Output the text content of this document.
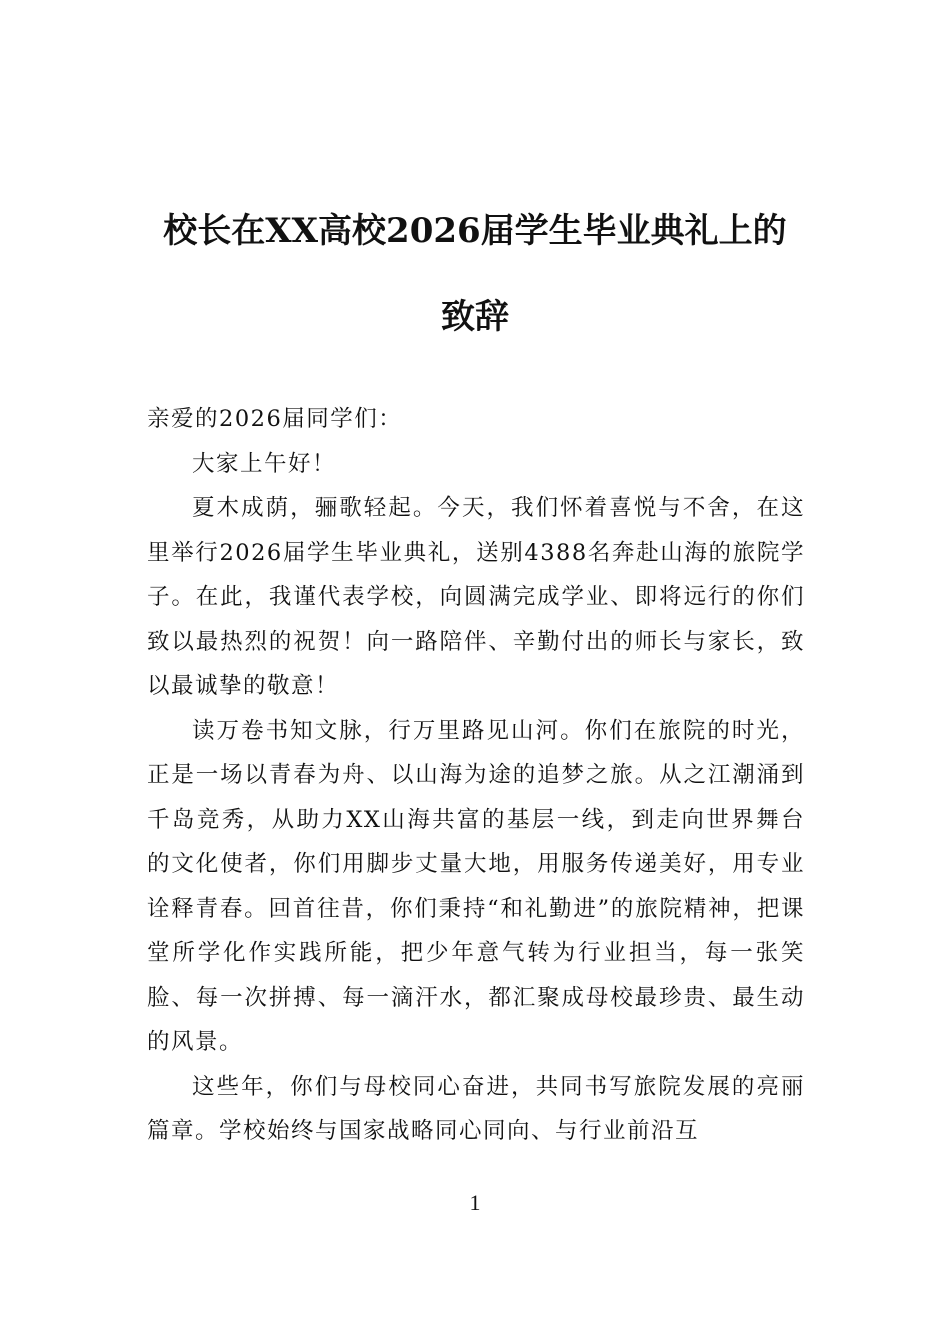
校长在XX高校2026届学生毕业典礼上的
致辞

亲爱的2026届同学们：

大家上午好！

夏木成荫，骊歌轻起。今天，我们怀着喜悦与不舍，在这里举行2026届学生毕业典礼，送别4388名奔赴山海的旅院学子。在此，我谨代表学校，向圆满完成学业、即将远行的你们致以最热烈的祝贺！向一路陪伴、辛勤付出的师长与家长，致以最诚挚的敬意！

读万卷书知文脉，行万里路见山河。你们在旅院的时光，正是一场以青春为舟、以山海为途的追梦之旅。从之江潮涌到千岛竞秀，从助力XX山海共富的基层一线，到走向世界舞台的文化使者，你们用脚步丈量大地，用服务传递美好，用专业诠释青春。回首往昔，你们秉持“和礼勤进”的旅院精神，把课堂所学化作实践所能，把少年意气转为行业担当，每一张笑脸、每一次拼搏、每一滴汗水，都汇聚成母校最珍贵、最生动的风景。

这些年，你们与母校同心奋进，共同书写旅院发展的亮丽篇章。学校始终与国家战略同心同向、与行业前沿互

1
